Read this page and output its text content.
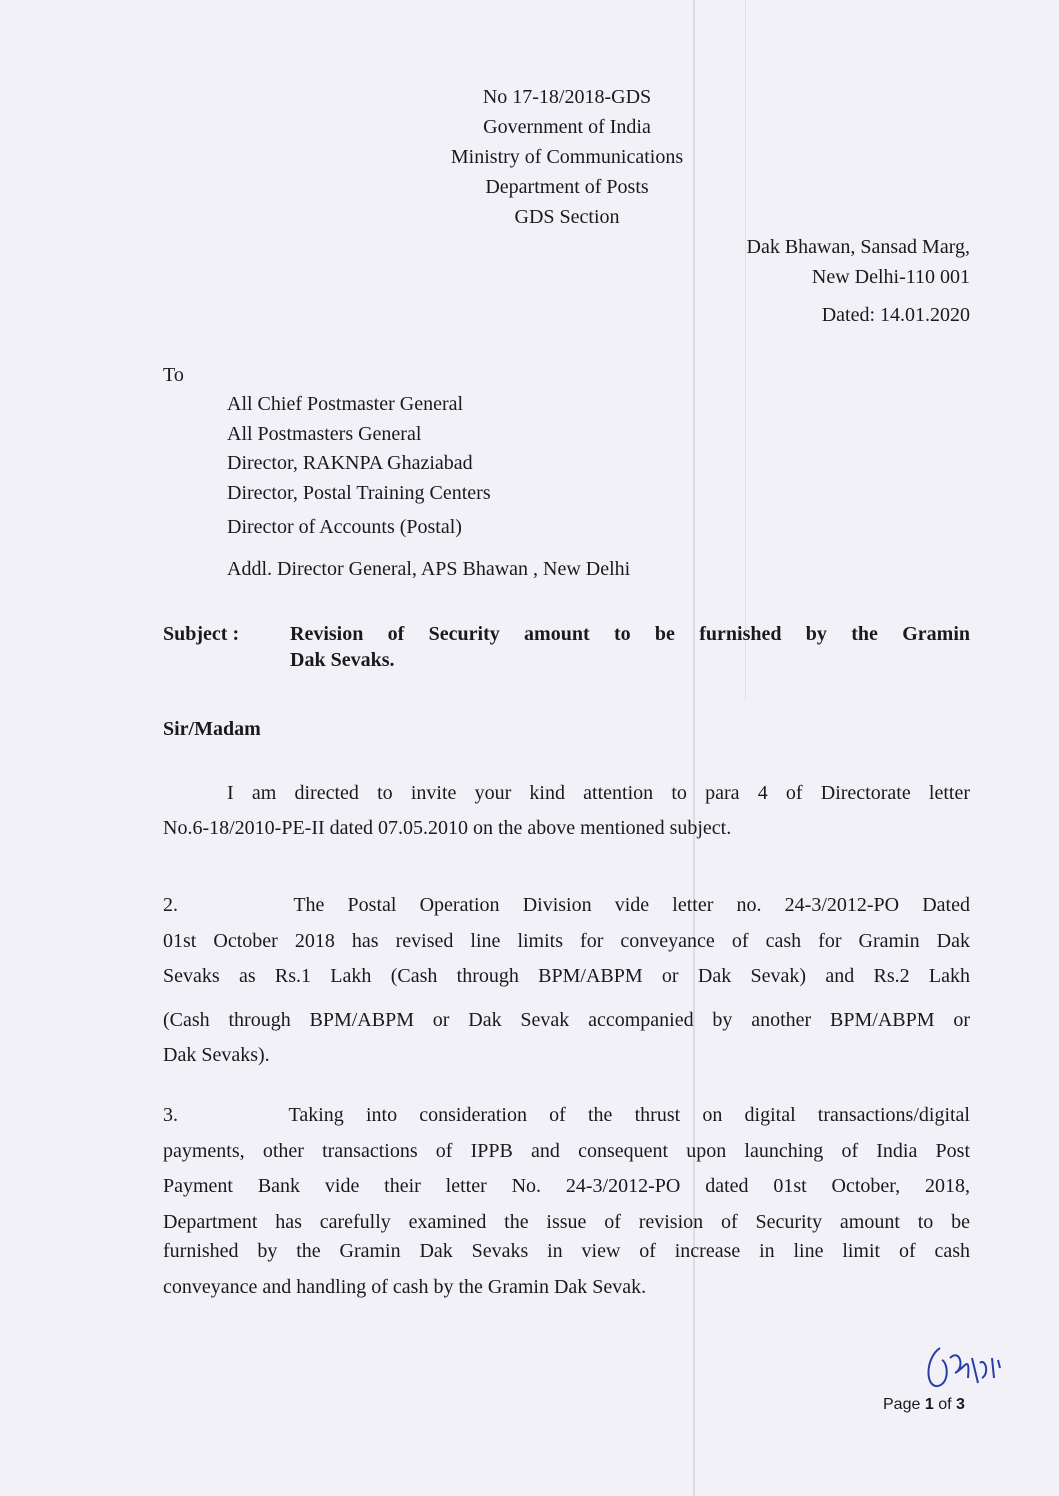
No 17-18/2018-GDS
Government of India
Ministry of Communications
Department of Posts
GDS Section
Dak Bhawan, Sansad Marg,
New Delhi-110 001
Dated: 14.01.2020
To
All Chief Postmaster General
All Postmasters General
Director, RAKNPA Ghaziabad
Director, Postal Training Centers
Director of Accounts (Postal)
Addl. Director General, APS Bhawan , New Delhi
Subject :	Revision of Security amount to be furnished by the Gramin
Dak Sevaks.
Sir/Madam
I am directed to invite your kind attention to para 4 of Directorate letter
No.6-18/2010-PE-II dated 07.05.2010 on the above mentioned subject.
2.     The Postal Operation Division vide letter no. 24-3/2012-PO Dated
01st October 2018 has revised line limits for conveyance of cash for Gramin Dak
Sevaks as Rs.1 Lakh (Cash through BPM/ABPM or Dak Sevak) and Rs.2 Lakh
(Cash through BPM/ABPM or Dak Sevak accompanied by another BPM/ABPM or
Dak Sevaks).
3.     Taking into consideration of the thrust on digital transactions/digital
payments, other transactions of IPPB and consequent upon launching of India Post
Payment Bank vide their letter No. 24-3/2012-PO dated 01st October, 2018,
Department has carefully examined the issue of revision of Security amount to be
furnished by the Gramin Dak Sevaks in view of increase in line limit of cash
conveyance and handling of cash by the Gramin Dak Sevak.
Page 1 of 3
